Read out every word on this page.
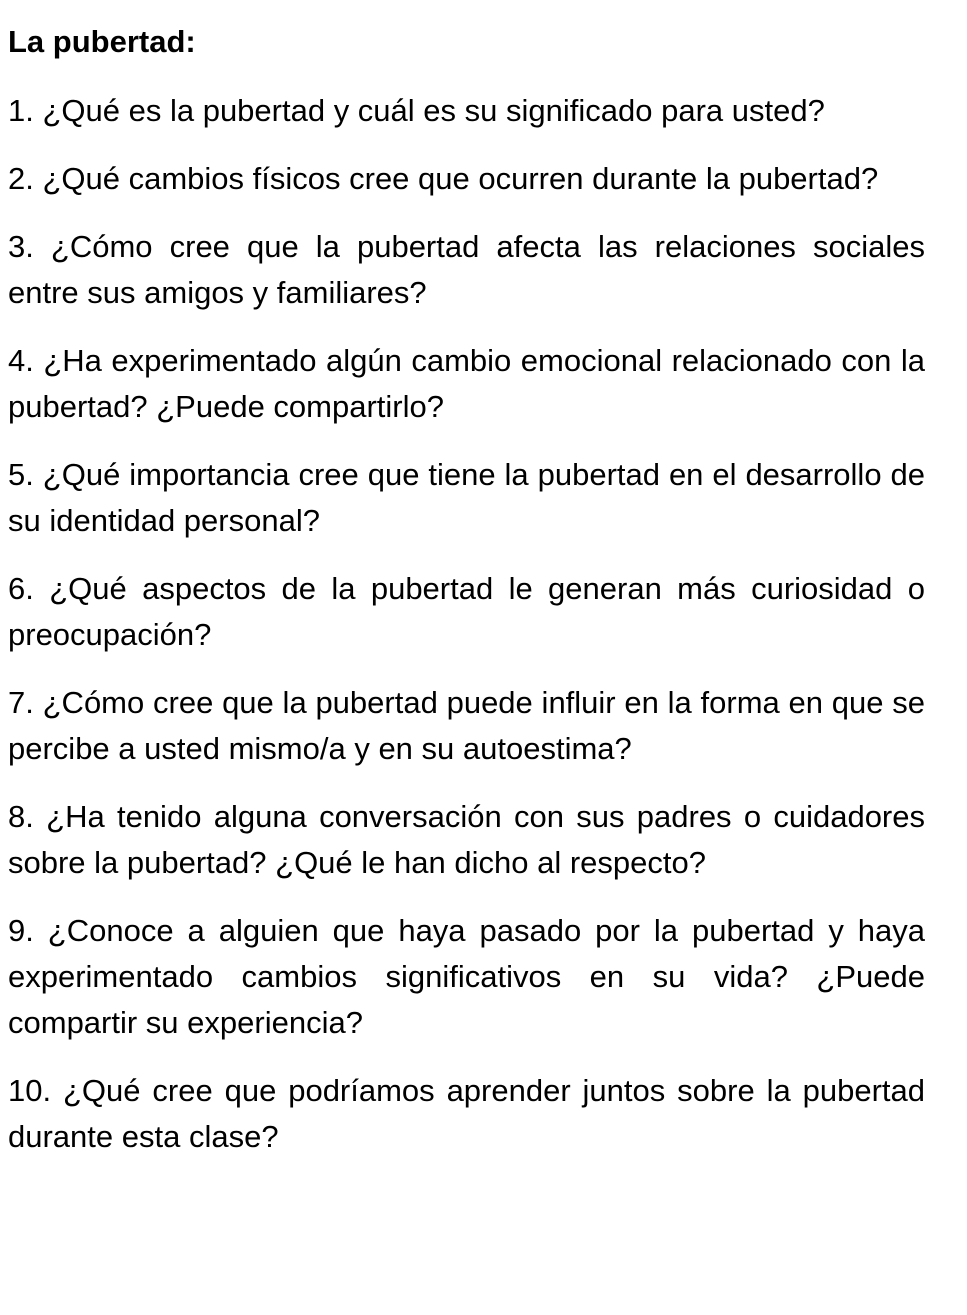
La pubertad:

1. ¿Qué es la pubertad y cuál es su significado para usted?

2. ¿Qué cambios físicos cree que ocurren durante la pubertad?

3. ¿Cómo cree que la pubertad afecta las relaciones sociales entre sus amigos y familiares?

4. ¿Ha experimentado algún cambio emocional relacionado con la pubertad? ¿Puede compartirlo?

5. ¿Qué importancia cree que tiene la pubertad en el desarrollo de su identidad personal?

6. ¿Qué aspectos de la pubertad le generan más curiosidad o preocupación?

7. ¿Cómo cree que la pubertad puede influir en la forma en que se percibe a usted mismo/a y en su autoestima?

8. ¿Ha tenido alguna conversación con sus padres o cuidadores sobre la pubertad? ¿Qué le han dicho al respecto?

9. ¿Conoce a alguien que haya pasado por la pubertad y haya experimentado cambios significativos en su vida? ¿Puede compartir su experiencia?

10. ¿Qué cree que podríamos aprender juntos sobre la pubertad durante esta clase?
